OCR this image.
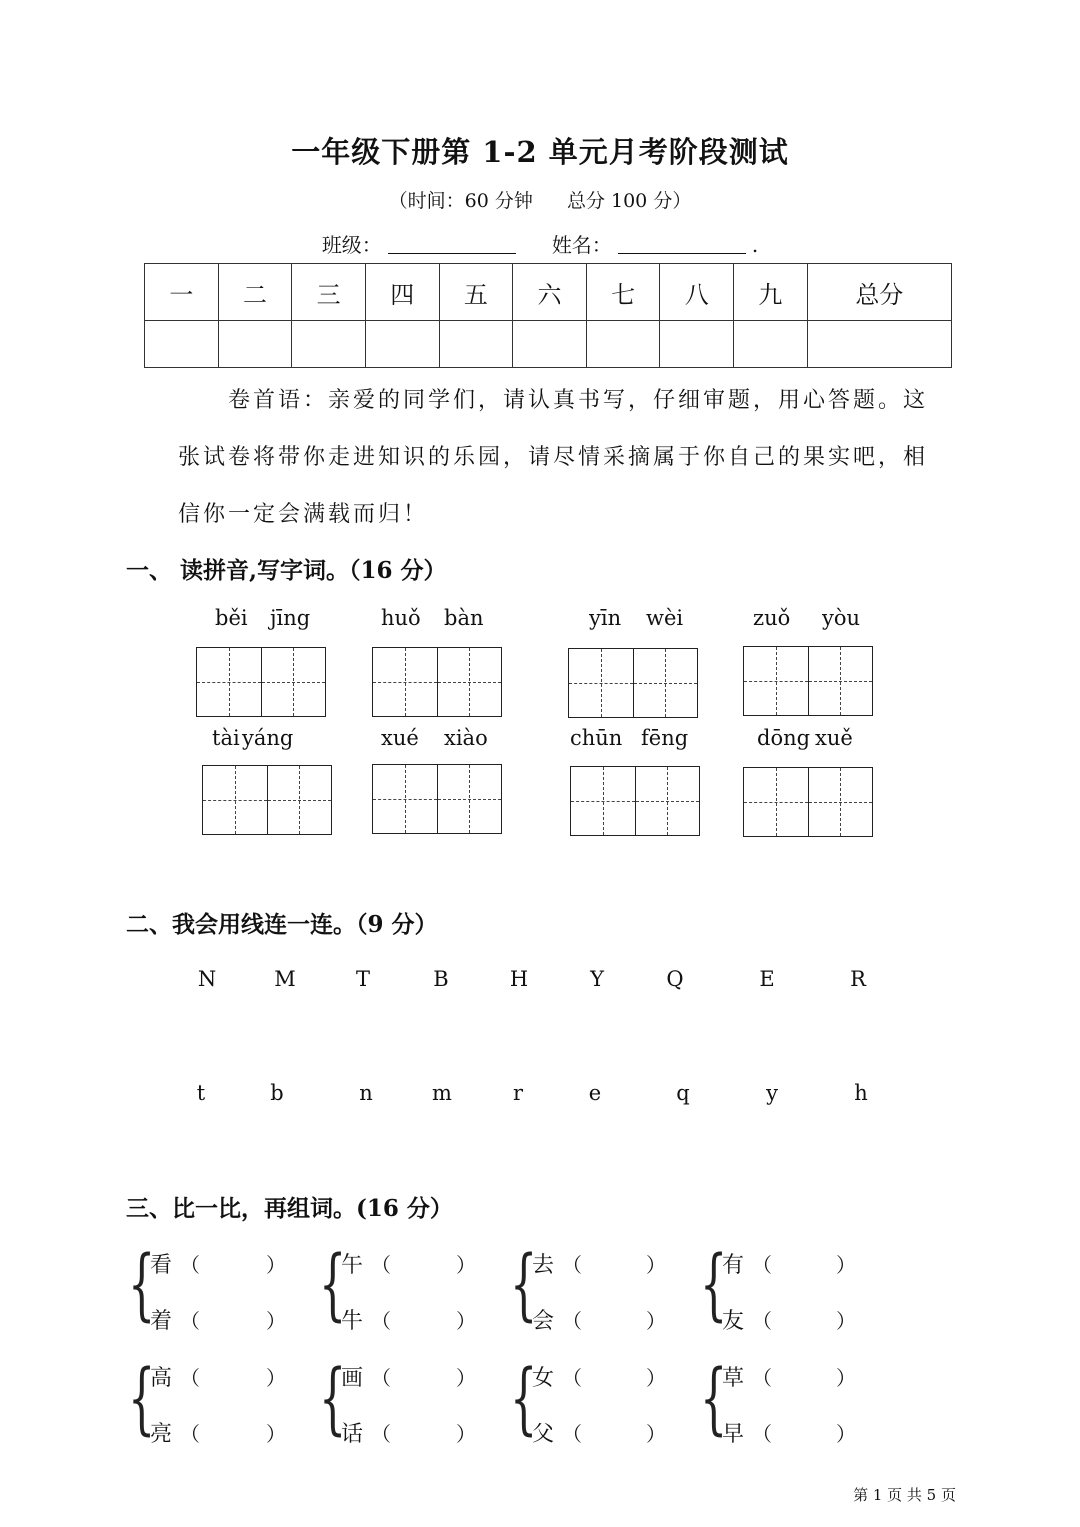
一年级下册第 1-2 单元月考阶段测试
（时间：60 分钟 总分 100 分）
班级：	姓名：	.
一	二	三	四	五	六	七	八	九	总分

卷首语：亲爱的同学们，请认真书写，仔细审题，用心答题。这
张试卷将带你走进知识的乐园，请尽情采摘属于你自己的果实吧，相
信你一定会满载而归！
一、 读拼音,写字词。（16 分）
běi jīng	huǒ bàn	yīn wèi	zuǒ yòu
tài yáng	xué xiào	chūn fēng	dōng xuě
二、我会用线连一连。（9 分）
N	M	T	B	H	Y	Q	E	R
t	b	n	m	r	e	q	y	h
三、比一比，再组词。(16 分）
{
看 （	）
着 （	） {
午 （	）
牛 （	） {
去 （	）
会 （	） {
有 （	）
友 （	）
{
高 （	）
亮 （	） {
画 （	）
话 （	） {
女 （	）
父 （	） {
草 （	）
早 （	）
第 1 页 共 5 页
